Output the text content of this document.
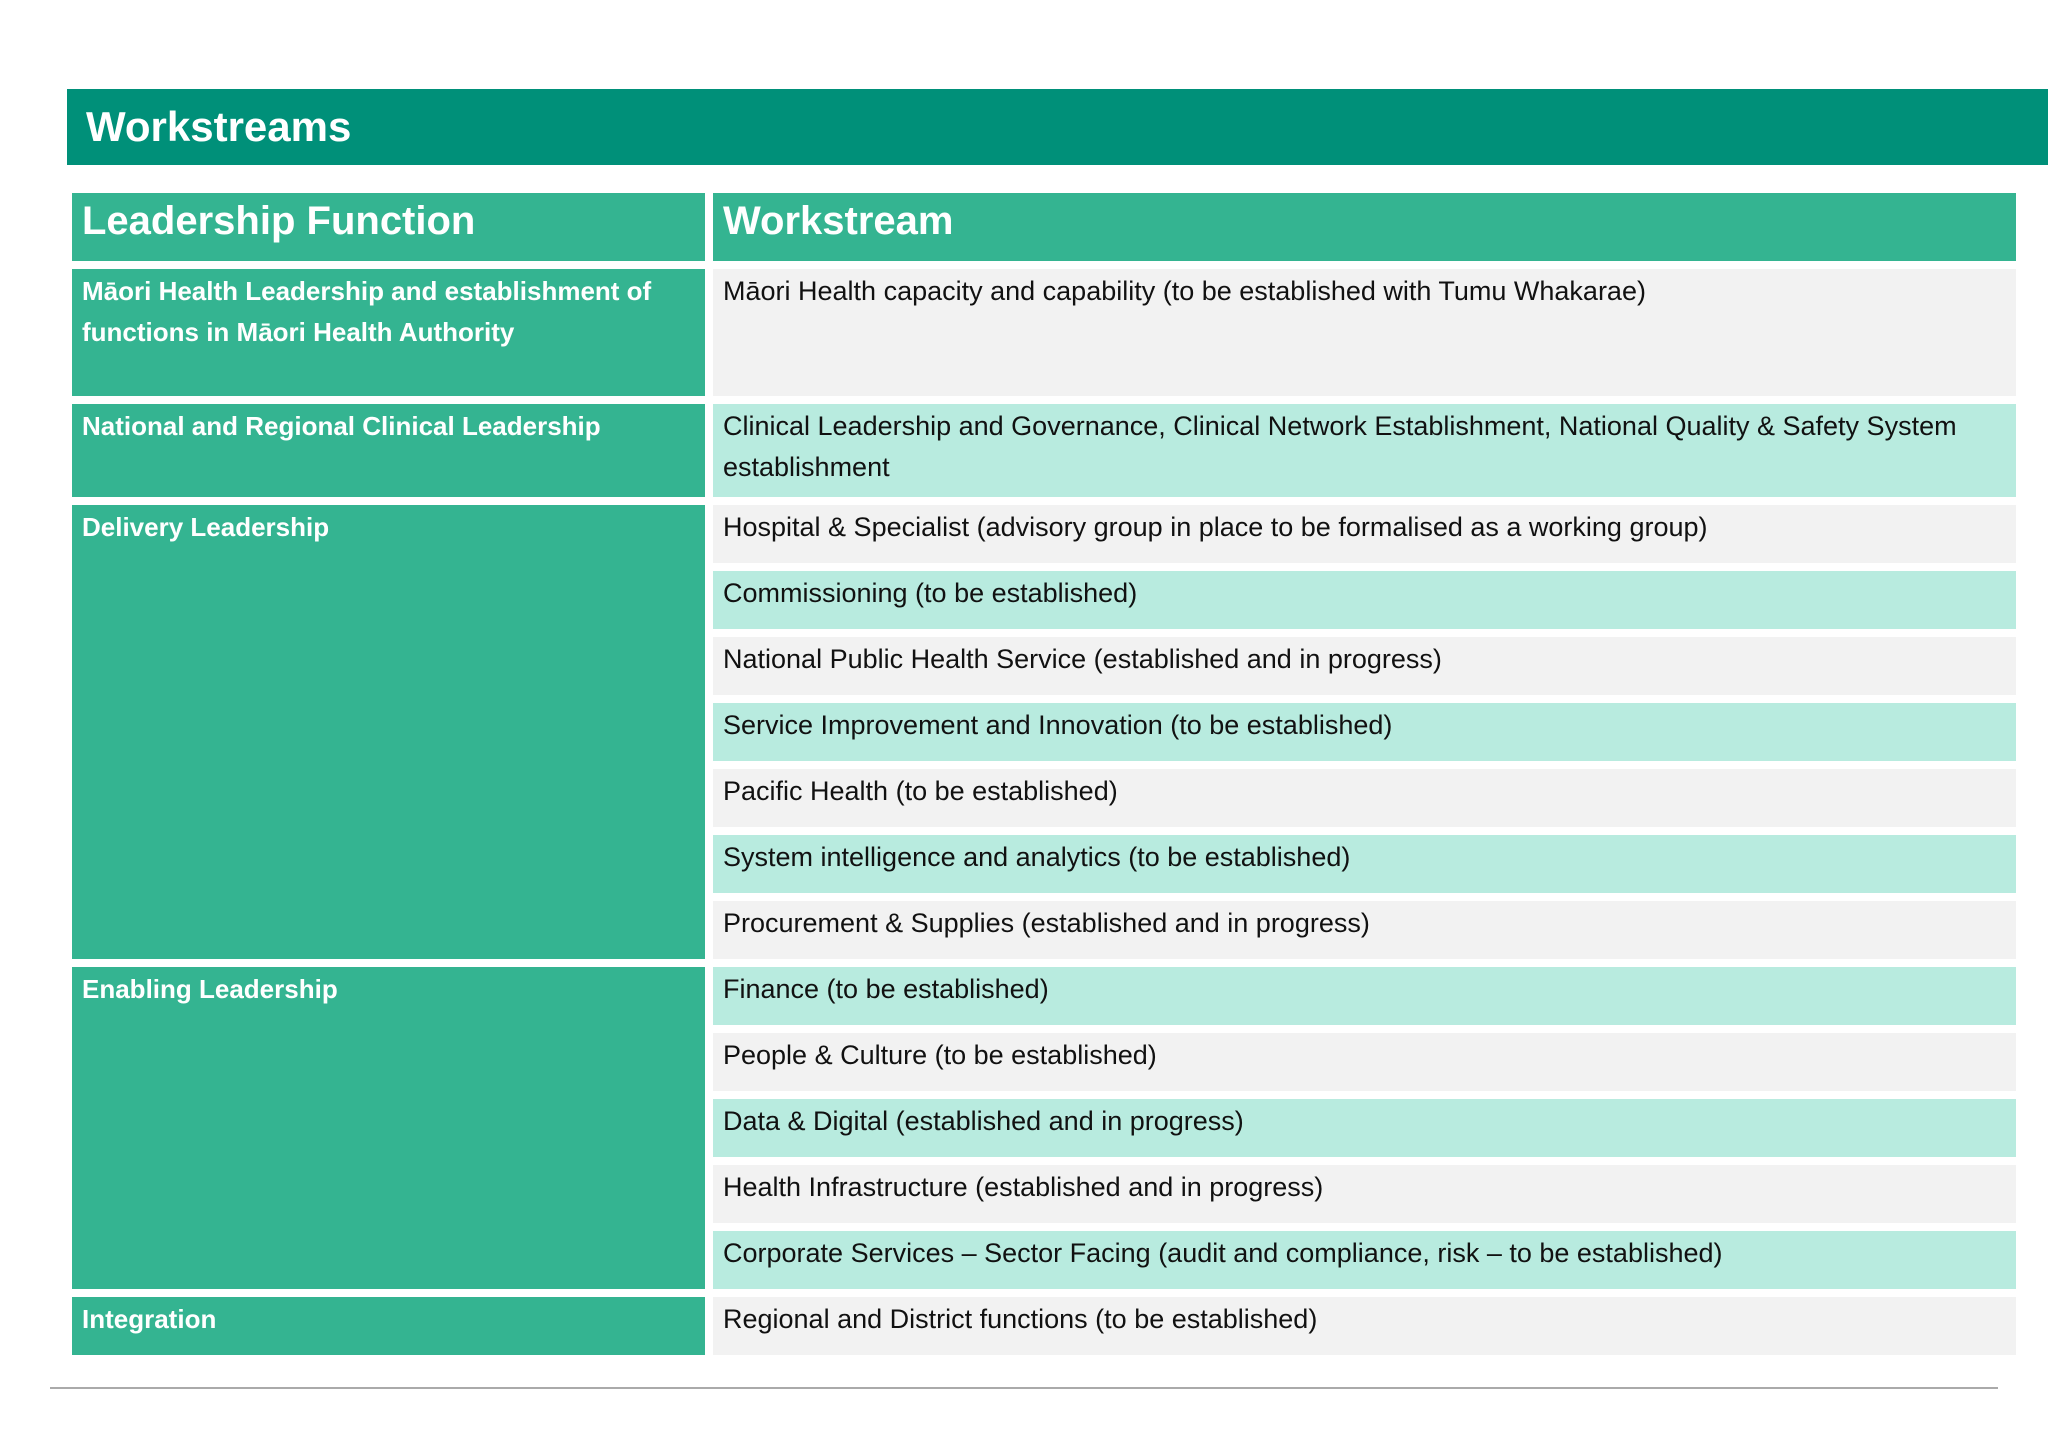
Workstreams
Leadership Function	Workstream
Māori Health Leadership and establishment of functions in Māori Health Authority
National and Regional Clinical Leadership
Delivery Leadership
Enabling Leadership
Integration
Māori Health capacity and capability (to be established with Tumu Whakarae)
Clinical Leadership and Governance, Clinical Network Establishment, National Quality & Safety System establishment
Hospital & Specialist (advisory group in place to be formalised as a working group)
Commissioning (to be established)
National Public Health Service (established and in progress)
Service Improvement and Innovation (to be established)
Pacific Health (to be established)
System intelligence and analytics (to be established)
Procurement & Supplies (established and in progress)
Finance (to be established)
People & Culture (to be established)
Data & Digital (established and in progress)
Health Infrastructure (established and in progress)
Corporate Services – Sector Facing (audit and compliance, risk – to be established)
Regional and District functions (to be established)
